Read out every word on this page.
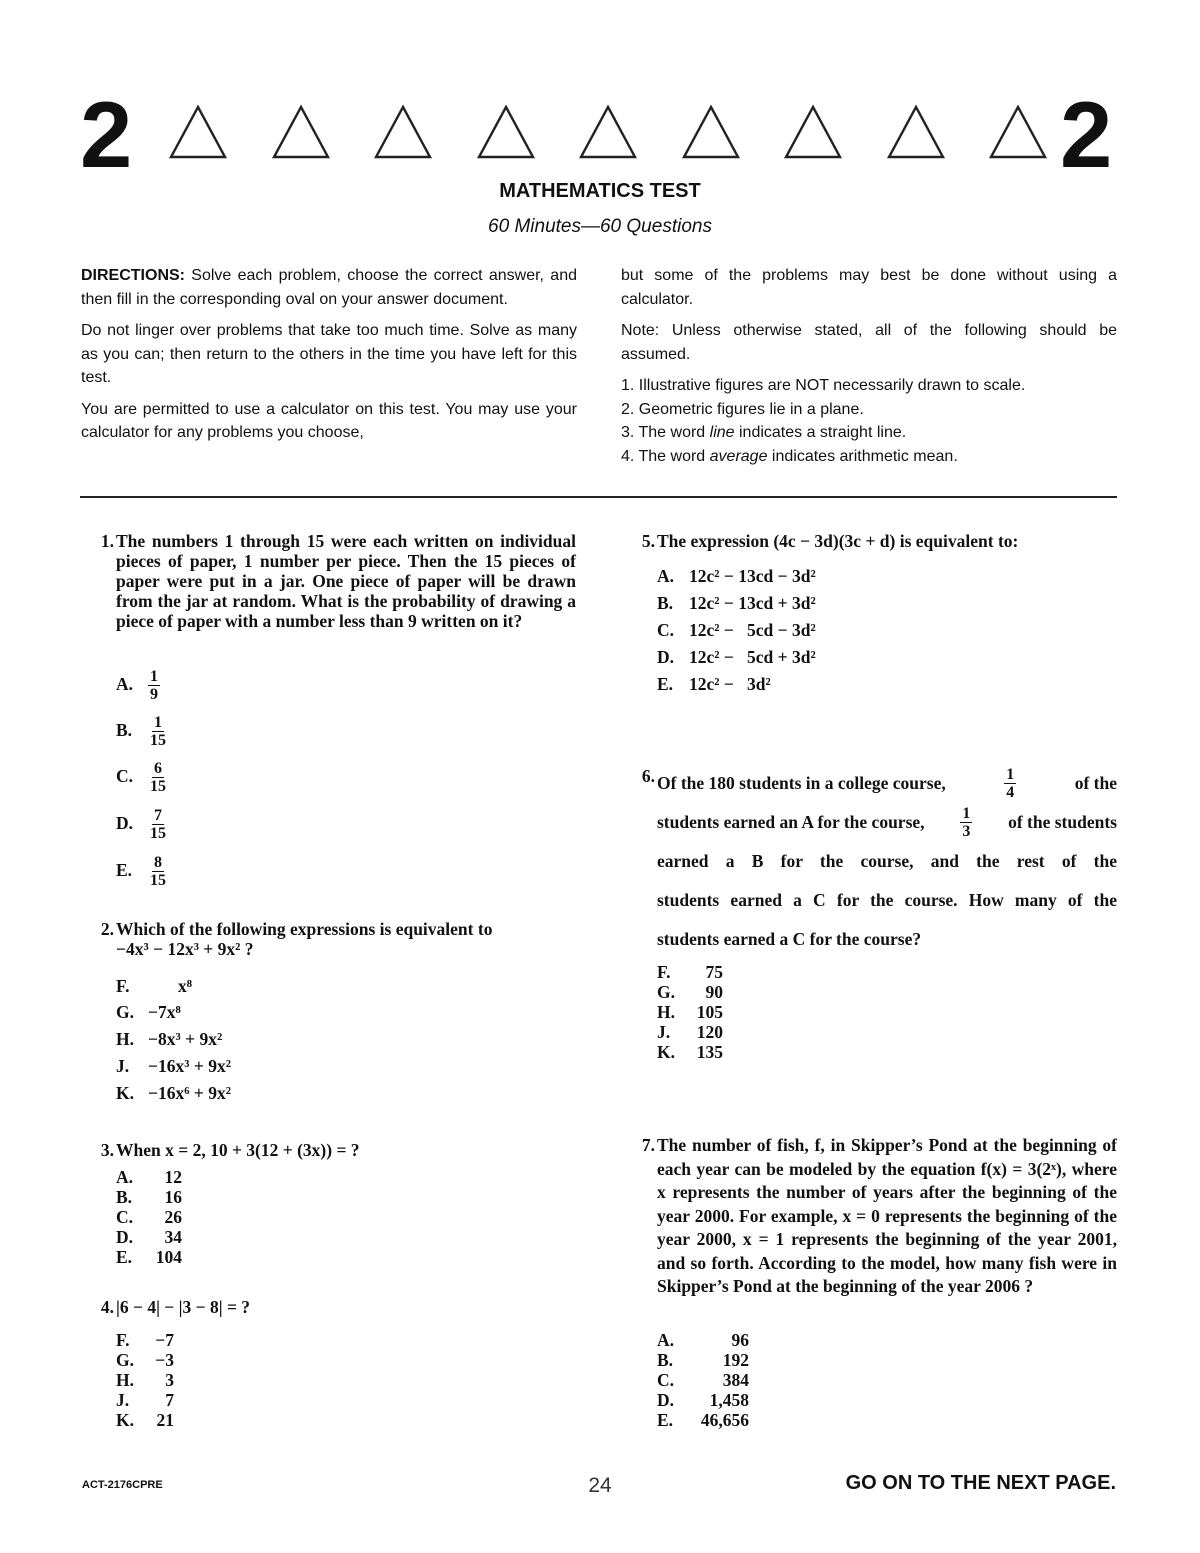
2	2
MATHEMATICS TEST
60 Minutes—60 Questions

DIRECTIONS: Solve each problem, choose the correct answer, and then fill in the corresponding oval on your answer document.

Do not linger over problems that take too much time. Solve as many as you can; then return to the others in the time you have left for this test.

You are permitted to use a calculator on this test. You may use your calculator for any problems you choose,

but some of the problems may best be done without using a calculator.

Note: Unless otherwise stated, all of the following should be assumed.

1. Illustrative figures are NOT necessarily drawn to scale.

2. Geometric figures lie in a plane.

3. The word line indicates a straight line.

4. The word average indicates arithmetic mean.

1. The numbers 1 through 15 were each written on individual pieces of paper, 1 number per piece. Then the 15 pieces of paper were put in a jar. One piece of paper will be drawn from the jar at random. What is the probability of drawing a piece of paper with a number less than 9 written on it?
A. $\frac{1}{9}$
B. $\frac{1}{15}$
C. $\frac{6}{15}$
D. $\frac{7}{15}$
E. $\frac{8}{15}$
2. Which of the following expressions is equivalent to
−4x³ − 12x³ + 9x² ?
F.	x⁸
G. −7x⁸
H. −8x³ + 9x²
J. −16x³ + 9x²
K. −16x⁶ + 9x²
3. When x = 2, 10 + 3(12 + (3x)) = ?
A. 12
B. 16
C. 26
D. 34
E. 104
4. |6 − 4| − |3 − 8| = ?
F. −7
G. −3
H. 3
J. 7
K. 21
5. The expression (4c − 3d)(3c + d) is equivalent to:
A. 12c² − 13cd − 3d²
B. 12c² − 13cd + 3d²
C. 12c² −   5cd − 3d²
D. 12c² −   5cd + 3d²
E. 12c² −   3d²
6. Of the 180 students in a college course,	$\frac{1}{4}$	of the
students earned an A for the course, $\frac{1}{3}$ of the students
earned a B for the course, and the rest of the
students earned a C for the course. How many of the
students earned a C for the course?
F. 75
G. 90
H. 105
J. 120
K. 135
7. The number of fish, f, in Skipper’s Pond at the beginning of each year can be modeled by the equation f(x) = 3(2ˣ), where x represents the number of years after the beginning of the year 2000. For example, x = 0 represents the beginning of the year 2000, x = 1 represents the beginning of the year 2001, and so forth. According to the model, how many fish were in Skipper’s Pond at the beginning of the year 2006 ?
A.	96
B.	192
C.	384
D. 1,458
E. 46,656
ACT-2176CPRE	24	GO ON TO THE NEXT PAGE.
